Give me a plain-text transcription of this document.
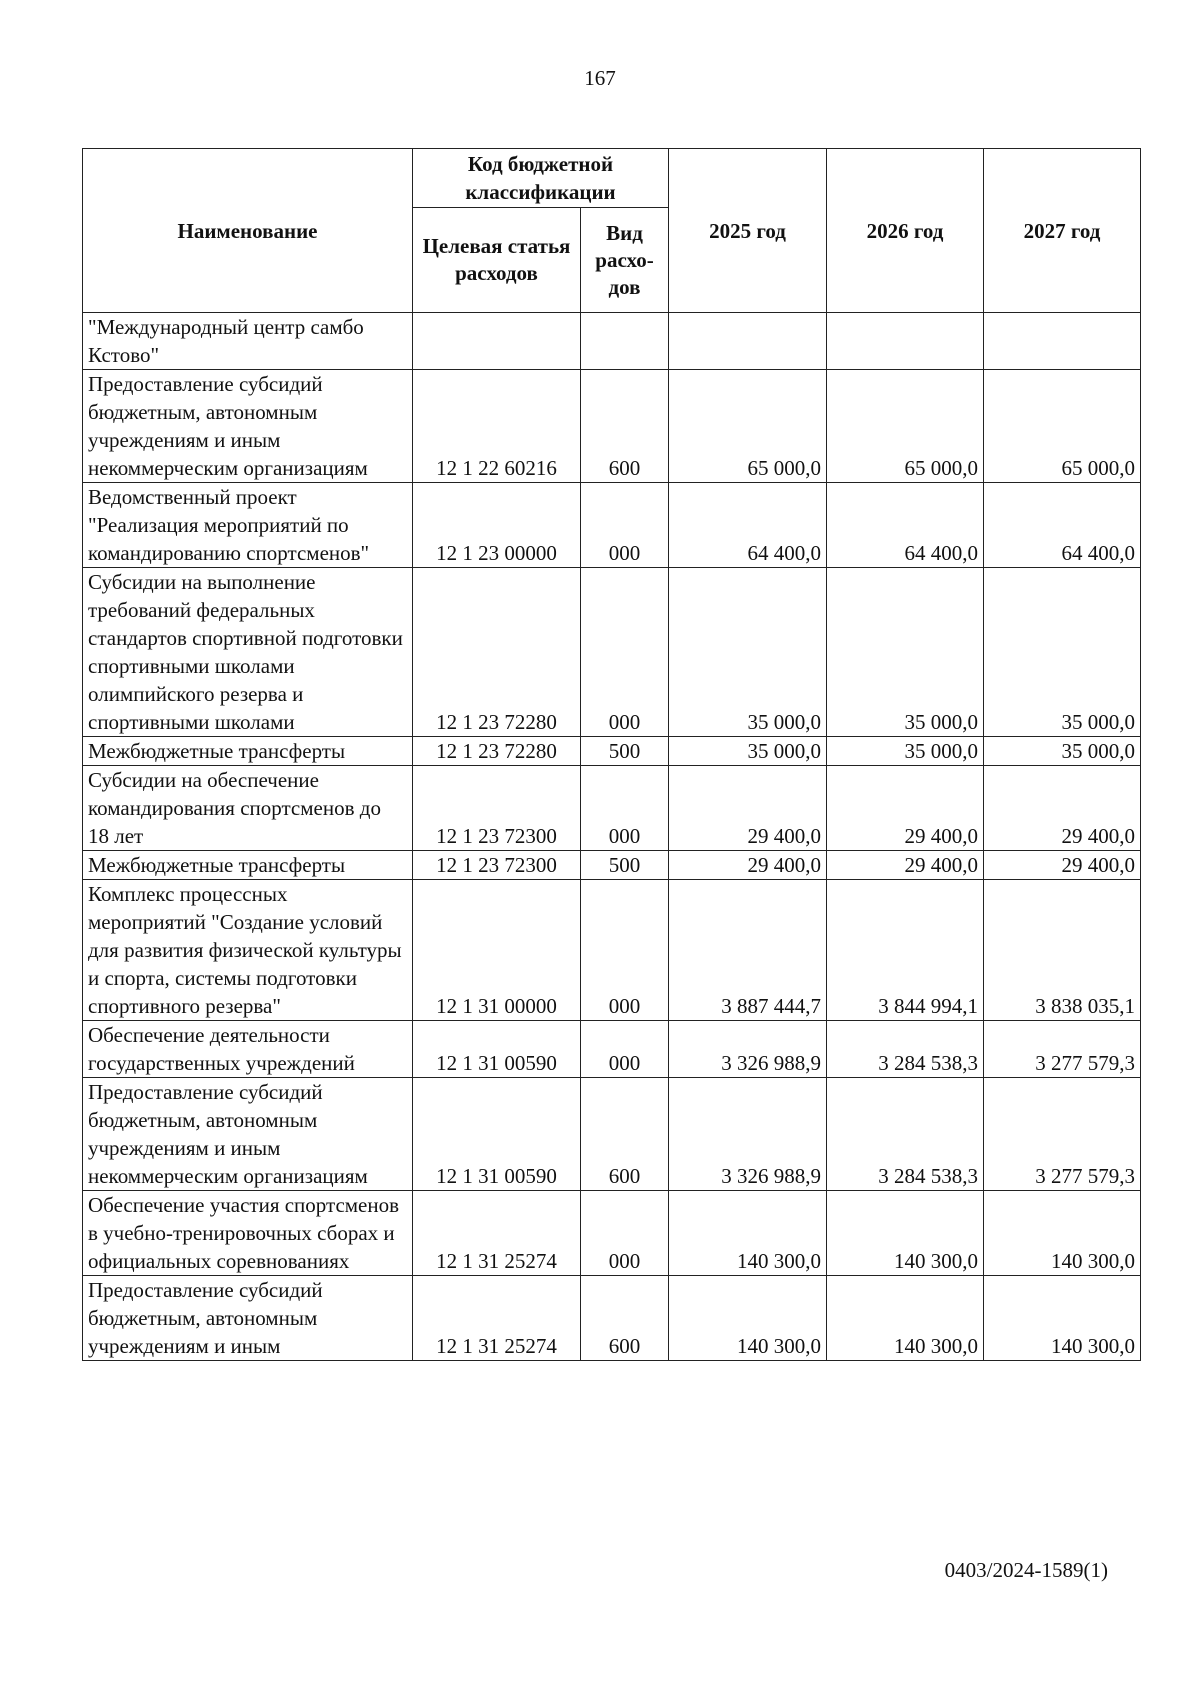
167
Наименование	Код бюджетной классификации		2025 год	2026 год	2027 год
	Целевая статья расходов	Вид расхо-дов			
"Международный центр самбо Кстово"					
Предоставление субсидий бюджетным, автономным учреждениям и иным некоммерческим организациям	12 1 22 60216	600	65 000,0	65 000,0	65 000,0
Ведомственный проект "Реализация мероприятий по командированию спортсменов"	12 1 23 00000	000	64 400,0	64 400,0	64 400,0
Субсидии на выполнение требований федеральных стандартов спортивной подготовки спортивными школами олимпийского резерва и спортивными школами	12 1 23 72280	000	35 000,0	35 000,0	35 000,0
Межбюджетные трансферты	12 1 23 72280	500	35 000,0	35 000,0	35 000,0
Субсидии на обеспечение командирования спортсменов до 18 лет	12 1 23 72300	000	29 400,0	29 400,0	29 400,0
Межбюджетные трансферты	12 1 23 72300	500	29 400,0	29 400,0	29 400,0
Комплекс процессных мероприятий "Создание условий для развития физической культуры и спорта, системы подготовки спортивного резерва"	12 1 31 00000	000	3 887 444,7	3 844 994,1	3 838 035,1
Обеспечение деятельности государственных учреждений	12 1 31 00590	000	3 326 988,9	3 284 538,3	3 277 579,3
Предоставление субсидий бюджетным, автономным учреждениям и иным некоммерческим организациям	12 1 31 00590	600	3 326 988,9	3 284 538,3	3 277 579,3
Обеспечение участия спортсменов в учебно-тренировочных сборах и официальных соревнованиях	12 1 31 25274	000	140 300,0	140 300,0	140 300,0
Предоставление субсидий бюджетным, автономным учреждениям и иным	12 1 31 25274	600	140 300,0	140 300,0	140 300,0
0403/2024-1589(1)
